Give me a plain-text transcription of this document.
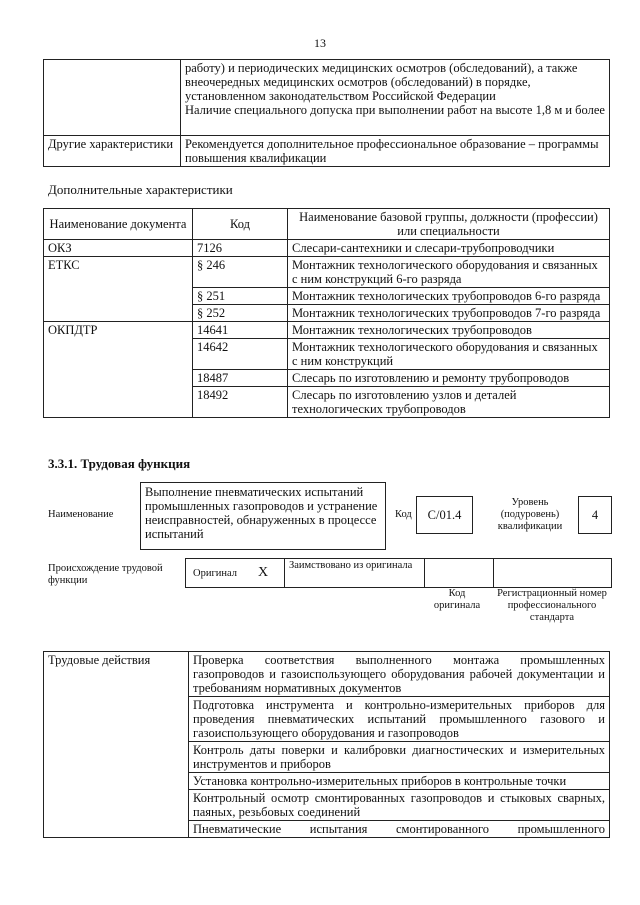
13

	работу) и периодических медицинских осмотров (обследований), а также внеочередных медицинских осмотров (обследований) в порядке, установленном законодательством Российской Федерации
Наличие специального допуска при выполнении работ на высоте 1,8 м и более

Другие характеристики	Рекомендуется дополнительное профессиональное образование – программы повышения квалификации
Дополнительные характеристики
Наименование документа	Код	Наименование базовой группы, должности (профессии) или специальности
ОКЗ	7126	Слесари-сантехники и слесари-трубопроводчики
ЕТКС	§ 246	Монтажник технологического оборудования и связанных с ним конструкций 6-го разряда
	§ 251	Монтажник технологических трубопроводов 6-го разряда
	§ 252	Монтажник технологических трубопроводов 7-го разряда
ОКПДТР	14641	Монтажник технологических трубопроводов
	14642	Монтажник технологического оборудования и связанных с ним конструкций
	18487	Слесарь по изготовлению и ремонту трубопроводов
	18492	Слесарь по изготовлению узлов и деталей технологических трубопроводов
3.3.1. Трудовая функция
Наименование
Выполнение пневматических испытаний промышленных газопроводов и устранение неисправностей, обнаруженных в процессе испытаний
Код	C/01.4
Уровень (подуровень) квалификации
4
Происхождение трудовой функции
Оригинал X Заимствовано из оригинала
Код оригинала
Регистрационный номер профессионального стандарта
Трудовые действия	Проверка соответствия выполненного монтажа промышленных газопроводов и газоиспользующего оборудования рабочей документации и требованиям нормативных документов
Подготовка инструмента и контрольно-измерительных приборов для проведения пневматических испытаний промышленного газового и газоиспользующего оборудования и газопроводов
Контроль даты поверки и калибровки диагностических и измерительных инструментов и приборов
Установка контрольно-измерительных приборов в контрольные точки
Контрольный осмотр смонтированных газопроводов и стыковых сварных, паяных, резьбовых соединений
Пневматические испытания смонтированного промышленного
